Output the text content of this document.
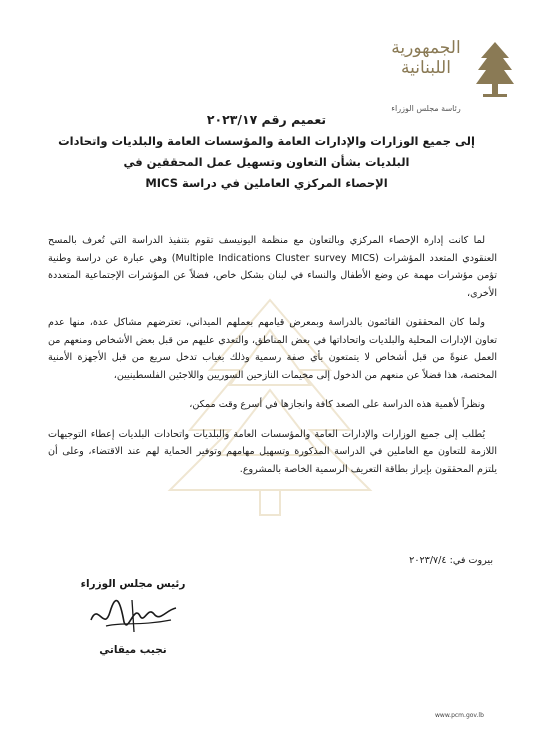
الجمهورية
اللبنانية
رئاسة مجلس الوزراء
تعميم رقم ٢٠٢٣/١٧
إلى جميع الوزارات والإدارات العامة والمؤسسات العامة والبلديات واتحادات
البلديات بشأن التعاون وتسهيل عمل المحققين في
الإحصاء المركزي العاملين في دراسة MICS

لما كانت إدارة الإحصاء المركزي وبالتعاون مع منظمة اليونيسف تقوم بتنفيذ الدراسة التي تُعرف بالمسح العنقودي المتعدد المؤشرات (Multiple Indications Cluster survey MICS) وهي عبارة عن دراسة وطنية تؤمن مؤشرات مهمة عن وضع الأطفال والنساء في لبنان بشكل خاص، فضلاً عن المؤشرات الإجتماعية المتعددة الأخرى،

ولما كان المحققون القائمون بالدراسة وبمعرض قيامهم بعملهم الميداني، تعترضهم مشاكل عدة، منها عدم تعاون الإدارات المحلية والبلديات واتحاداتها في بعض المناطق، والتعدي عليهم من قبل بعض الأشخاص ومنعهم من العمل عنوةً من قبل أشخاص لا يتمتعون بأي صفة رسمية وذلك بغياب تدخل سريع من قبل الأجهزة الأمنية المختصة، هذا فضلاً عن منعهم من الدخول إلى مخيمات النازحين السوريين واللاجئين الفلسطينيين،

ونظراً لأهمية هذه الدراسة على الصعد كافة وانجازها في أسرع وقت ممكن،

يُطلب إلى جميع الوزارات والإدارات العامة والمؤسسات العامة والبلديات واتحادات البلديات إعطاء التوجيهات اللازمة للتعاون مع العاملين في الدراسة المذكورة وتسهيل مهامهم وتوفير الحماية لهم عند الاقتضاء، وعلى أن يلتزم المحققون بإبراز بطاقة التعريف الرسمية الخاصة بالمشروع.

بيروت في: ٢٠٢٣/٧/٤
رئيس مجلس الوزراء
نجيب ميقاتي
www.pcm.gov.lb
